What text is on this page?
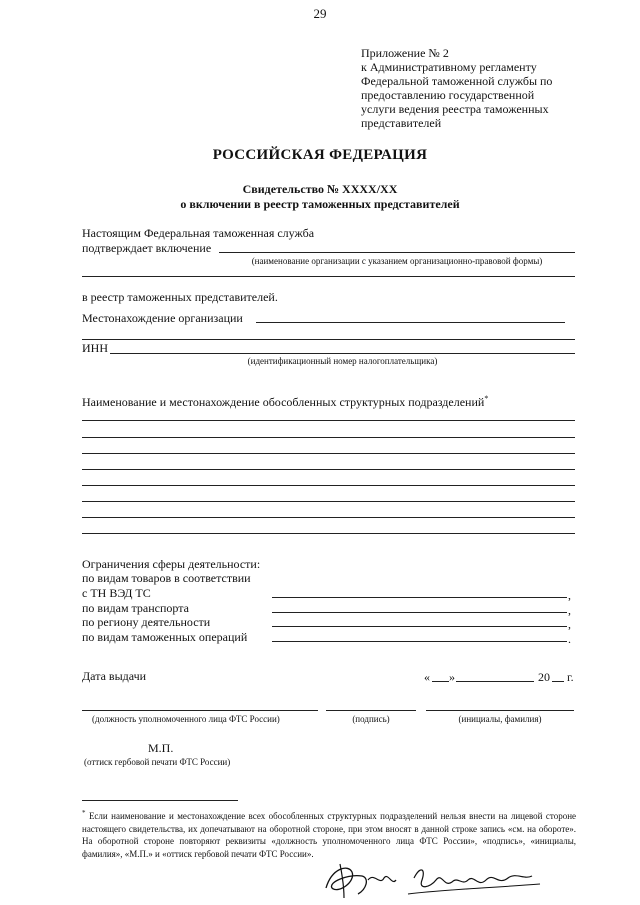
29
Приложение № 2
к Административному регламенту
Федеральной таможенной службы по
предоставлению государственной
услуги ведения реестра таможенных
представителей
РОССИЙСКАЯ ФЕДЕРАЦИЯ
Свидетельство № XXXX/XX
о включении в реестр таможенных представителей
Настоящим Федеральная таможенная служба
подтверждает включение
(наименование организации с указанием организационно-правовой формы)
в реестр таможенных представителей.
Местонахождение организации
ИНН
(идентификационный номер налогоплательщика)
Наименование и местонахождение обособленных структурных подразделений*
Ограничения сферы деятельности:
по видам товаров в соответствии
с ТН ВЭД ТС	,
по видам транспорта	,
по региону деятельности	,
по видам таможенных операций	.
Дата выдачи	« »	20 г.
(должность уполномоченного лица ФТС России)	(подпись)	(инициалы, фамилия)
М.П.
(оттиск гербовой печати ФТС России)
* Если наименование и местонахождение всех обособленных структурных подразделений нельзя внести на лицевой стороне настоящего свидетельства, их допечатывают на оборотной стороне, при этом вносят в данной строке запись «см. на обороте». На оборотной стороне повторяют реквизиты «должность уполномоченного лица ФТС России», «подпись», «инициалы, фамилия», «М.П.» и «оттиск гербовой печати ФТС России».
